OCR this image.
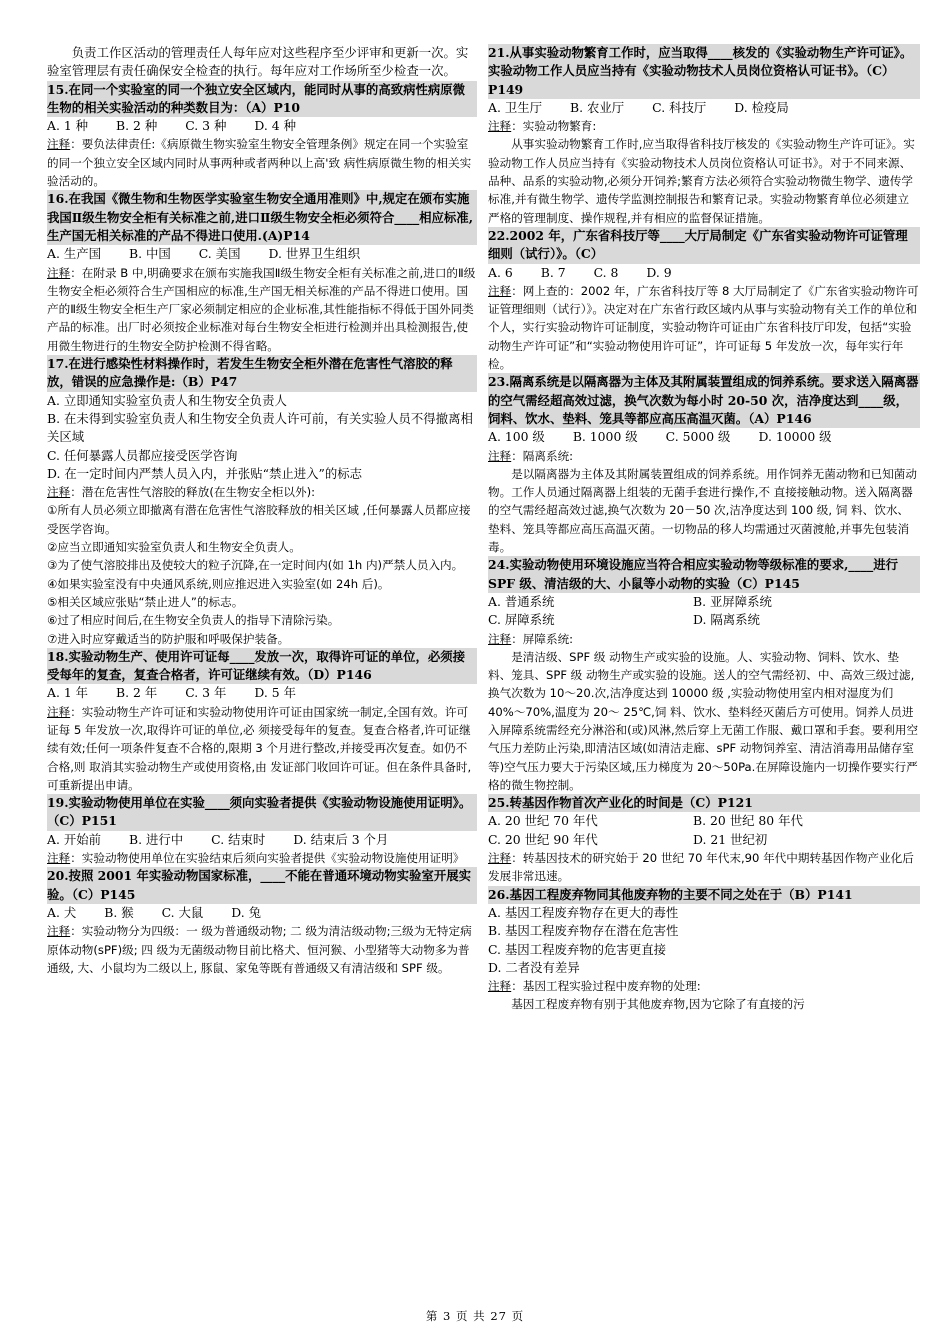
负责工作区活动的管理责任人每年应对这些程序至少评审和更新一次。实验室管理层有责任确保安全检查的执行。每年应对工作场所至少检查一次。

15.在同一个实验室的同一个独立安全区域内，能同时从事的高致病性病原微生物的相关实验活动的种类数目为：（A）P10

A. 1 种 B. 2 种 C. 3 种 D. 4 种

注释：要负法律责任:《病原微生物实验室生物安全管理条例》规定在同一个实验室的同一个独立安全区域内同时从事两种或者两种以上高'致 病性病原微生物的相关实验活动的。

16.在我国《微生物和生物医学实验室生物安全通用准则》中,规定在颁布实施我国Ⅱ级生物安全柜有关标准之前,进口Ⅱ级生物安全柜必须符合____相应标准,生产国无相关标准的产品不得进口使用.(A)P14

A. 生产国 B. 中国 C. 美国 D. 世界卫生组织

注释：在附录 B 中,明确要求在颁布实施我国Ⅱ级生物安全柜有关标准之前,进口的Ⅱ级生物安全柜必须符合生产国相应的标准,生产国无相关标准的产品不得进口使用。国产的Ⅱ级生物安全柜生产厂家必须制定相应的企业标准,其性能指标不得低于国外同类产品的标准。出厂时必须按企业标准对每台生物安全柜进行检测并出具检测报告,使用微生物进行的生物安全防护检测不得省略。

17.在进行感染性材料操作时，若发生生物安全柜外潜在危害性气溶胶的释放，错误的应急操作是:（B）P47

A. 立即通知实验室负责人和生物安全负责人

B. 在未得到实验室负责人和生物安全负责人许可前，有关实验人员不得撤离相关区域

C. 任何暴露人员都应接受医学咨询

D. 在一定时间内严禁人员入内，并张贴“禁止进入”的标志

注释：潜在危害性气溶胶的释放(在生物安全柜以外):

①所有人员必须立即撤离有潜在危害性气溶胶释放的相关区域 ,任何暴露人员都应接受医学咨询。

②应当立即通知实验室负责人和生物安全负责人。

③为了使气溶胶排出及使较大的粒子沉降,在一定时间内(如 1h 内)严禁人员入内。

④如果实验室没有中央通风系统,则应推迟进入实验室(如 24h 后)。

⑤相关区域应张贴“禁止进人”的标志。

⑥过了相应时间后,在生物安全负责人的指导下清除污染。

⑦进入时应穿戴适当的防护服和呼吸保护装备。

18.实验动物生产、使用许可证每____发放一次，取得许可证的单位，必须接受每年的复查，复查合格者，许可证继续有效。（D）P146

A. 1 年 B. 2 年 C. 3 年 D. 5 年

注释：实验动物生产许可证和实验动物使用许可证由国家统一制定,全国有效。许可证每 5 年发放一次,取得许可证的单位,必 须接受每年的复查。复查合格者,许可证继续有效;任何一项条件复查不合格的,限期 3 个月进行整改,并接受再次复查。如仍不合格,则 取消其实验动物生产或使用资格,由 发证部门收回许可证。但在条件具备时,可重新提出申请。

19.实验动物使用单位在实验____须向实验者提供《实验动物设施使用证明》。（C）P151

A. 开始前 B. 进行中 C. 结束时 D. 结束后 3 个月

注释：实验动物使用单位在实验结束后须向实验者提供《实验动物设施使用证明》

20.按照 2001 年实验动物国家标准，____不能在普通环境动物实验室开展实验。（C）P145

A. 犬 B. 猴 C. 大鼠 D. 兔

注释：实验动物分为四级：一 级为普通级动物; 二 级为清洁级动物;三级为无特定病原体动物(sPF)级; 四 级为无菌级动物目前比格犬、恒河猴、小型猪等大动物多为普通级, 大、小鼠均为二级以上, 豚鼠、家兔等既有普通级又有清洁级和 SPF 级。

21.从事实验动物繁育工作时，应当取得____核发的《实验动物生产许可证》。实验动物工作人员应当持有《实验动物技术人员岗位资格认可证书》。（C）P149

A. 卫生厅 B. 农业厅 C. 科技厅 D. 检疫局

注释：实验动物繁育:

从事实验动物繁育工作时,应当取得省科技厅核发的《实验动物生产许可证》。实验动物工作人员应当持有《实验动物技术人员岗位资格认可证书》。对于不同来源、品种、品系的实验动物,必须分开饲养;繁育方法必须符合实验动物微生物学、遗传学标准,并有微生物学、遗传学监测控制报告和繁育记录。实验动物繁育单位必须建立严格的管理制度、操作规程,并有相应的监督保证措施。

22.2002 年，广东省科技厅等____大厅局制定《广东省实验动物许可证管理细则（试行）》。（C）

A. 6 B. 7 C. 8 D. 9

注释：网上查的：2002 年，广东省科技厅等 8 大厅局制定了《广东省实验动物许可证管理细则（试行）》。决定对在广东省行政区域内从事与实验动物有关工作的单位和个人，实行实验动物许可证制度，实验动物许可证由广东省科技厅印发，包括“实验动物生产许可证”和“实验动物使用许可证”，许可证每 5 年发放一次，每年实行年检。

23.隔离系统是以隔离器为主体及其附属装置组成的饲养系统。要求送入隔离器的空气需经超高效过滤，换气次数为每小时 20-50 次，洁净度达到____级，饲料、饮水、垫料、笼具等都应高压高温灭菌。（A）P146

A. 100 级 B. 1000 级 C. 5000 级 D. 10000 级

注释：隔离系统:

是以隔离器为主体及其附属装置组成的饲养系统。用作饲养无菌动物和已知菌动物。工作人员通过隔离器上组装的无菌手套进行操作,不 直接接触动物。送入隔离器的空气需经超高效过滤,换气次数为 20－50 次,洁净度达到 100 级, 饲 料、饮水、垫料、笼具等都应高压高温灭菌。一切物品的移人均需通过灭菌渡舱,并事先包装消毒。

24.实验动物使用环境设施应当符合相应实验动物等级标准的要求,____进行 SPF 级、清洁级的大、小鼠等小动物的实验（C）P145

A. 普通系统	B. 亚屏障系统
C. 屏障系统	D. 隔离系统

注释：屏障系统:

是清洁级、SPF 级 动物生产或实验的设施。人、实验动物、饲料、饮水、垫料、笼具、SPF 级 动物生产或实验的设施。送人的空气需经初、中、高效三级过滤,换气次数为 10～20.次,洁净度达到 10000 级 ,实验动物使用室内相对湿度为们 40%～70%,温度为 20～ 25℃,饲 料、饮水、垫料经灭菌后方可使用。饲养人员进入屏障系统需经充分淋浴和(或)风淋,然后穿上无菌工作服、戴口罩和手套。要利用空气压力差防止污染,即清洁区域(如清洁走廊、sPF 动物饲养室、清洁消毒用品储存室等)空气压力要大于污染区域,压力梯度为 20～50Pa.在屏障设施内一切操作要实行严格的微生物控制。

25.转基因作物首次产业化的时间是（C）P121

A. 20 世纪 70 年代	B. 20 世纪 80 年代
C. 20 世纪 90 年代	D. 21 世纪初

注释：转基因技术的研究始于 20 世纪 70 年代末,90 年代中期转基因作物产业化后发展非常迅速。

26.基因工程废弃物同其他废弃物的主要不同之处在于（B）P141

A. 基因工程废弃物存在更大的毒性

B. 基因工程废弃物存在潜在危害性

C. 基因工程废弃物的危害更直接

D. 二者没有差异

注释：基因工程实验过程中废弃物的处理:

基因工程废弃物有别于其他废弃物,因为它除了有直接的污

第 3 页 共 27 页
